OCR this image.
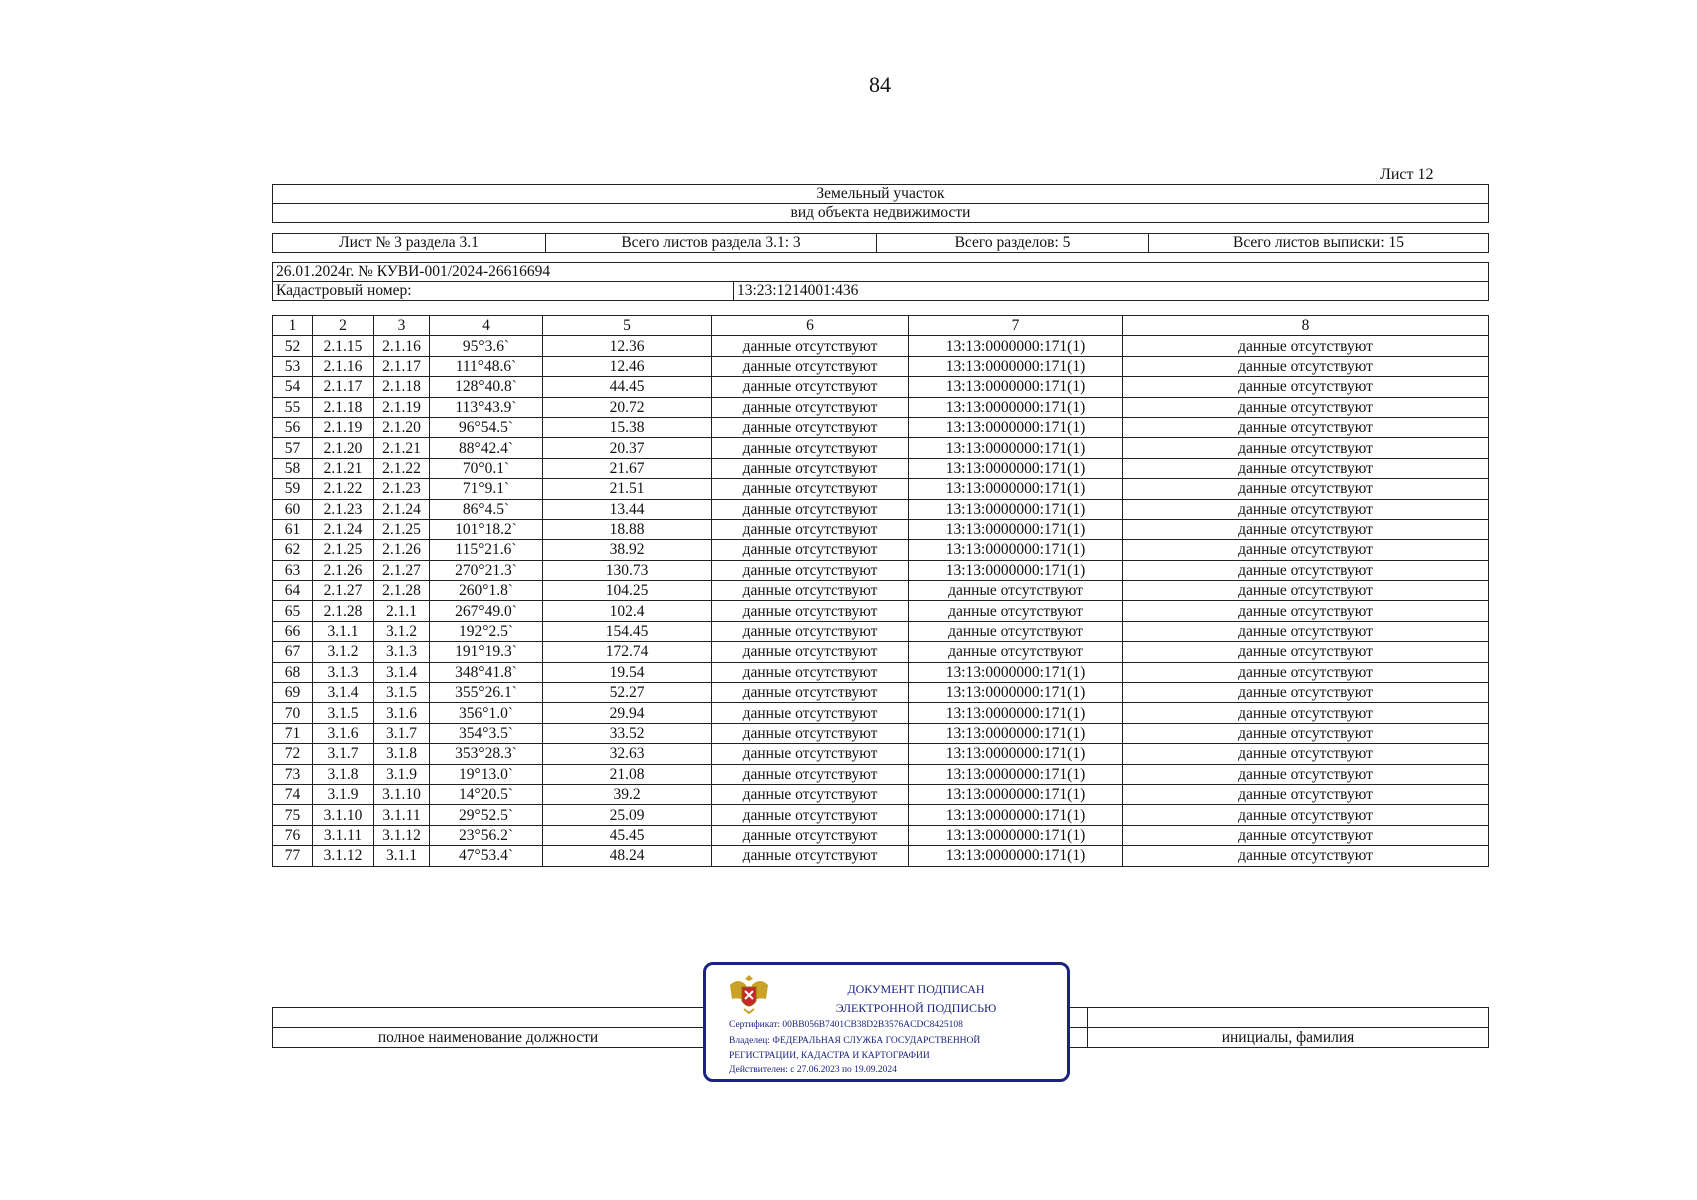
84
Лист 12
Земельный участок
вид объекта недвижимости
Лист № 3 раздела 3.1	Всего листов раздела 3.1: 3	Всего разделов: 5	Всего листов выписки: 15
26.01.2024г. № КУВИ-001/2024-26616694
Кадастровый номер:	13:23:1214001:436
1	2	3	4	5	6	7	8
52	2.1.15	2.1.16	95°3.6`	12.36	данные отсутствуют	13:13:0000000:171(1)	данные отсутствуют
53	2.1.16	2.1.17	111°48.6`	12.46	данные отсутствуют	13:13:0000000:171(1)	данные отсутствуют
54	2.1.17	2.1.18	128°40.8`	44.45	данные отсутствуют	13:13:0000000:171(1)	данные отсутствуют
55	2.1.18	2.1.19	113°43.9`	20.72	данные отсутствуют	13:13:0000000:171(1)	данные отсутствуют
56	2.1.19	2.1.20	96°54.5`	15.38	данные отсутствуют	13:13:0000000:171(1)	данные отсутствуют
57	2.1.20	2.1.21	88°42.4`	20.37	данные отсутствуют	13:13:0000000:171(1)	данные отсутствуют
58	2.1.21	2.1.22	70°0.1`	21.67	данные отсутствуют	13:13:0000000:171(1)	данные отсутствуют
59	2.1.22	2.1.23	71°9.1`	21.51	данные отсутствуют	13:13:0000000:171(1)	данные отсутствуют
60	2.1.23	2.1.24	86°4.5`	13.44	данные отсутствуют	13:13:0000000:171(1)	данные отсутствуют
61	2.1.24	2.1.25	101°18.2`	18.88	данные отсутствуют	13:13:0000000:171(1)	данные отсутствуют
62	2.1.25	2.1.26	115°21.6`	38.92	данные отсутствуют	13:13:0000000:171(1)	данные отсутствуют
63	2.1.26	2.1.27	270°21.3`	130.73	данные отсутствуют	13:13:0000000:171(1)	данные отсутствуют
64	2.1.27	2.1.28	260°1.8`	104.25	данные отсутствуют	данные отсутствуют	данные отсутствуют
65	2.1.28	2.1.1	267°49.0`	102.4	данные отсутствуют	данные отсутствуют	данные отсутствуют
66	3.1.1	3.1.2	192°2.5`	154.45	данные отсутствуют	данные отсутствуют	данные отсутствуют
67	3.1.2	3.1.3	191°19.3`	172.74	данные отсутствуют	данные отсутствуют	данные отсутствуют
68	3.1.3	3.1.4	348°41.8`	19.54	данные отсутствуют	13:13:0000000:171(1)	данные отсутствуют
69	3.1.4	3.1.5	355°26.1`	52.27	данные отсутствуют	13:13:0000000:171(1)	данные отсутствуют
70	3.1.5	3.1.6	356°1.0`	29.94	данные отсутствуют	13:13:0000000:171(1)	данные отсутствуют
71	3.1.6	3.1.7	354°3.5`	33.52	данные отсутствуют	13:13:0000000:171(1)	данные отсутствуют
72	3.1.7	3.1.8	353°28.3`	32.63	данные отсутствуют	13:13:0000000:171(1)	данные отсутствуют
73	3.1.8	3.1.9	19°13.0`	21.08	данные отсутствуют	13:13:0000000:171(1)	данные отсутствуют
74	3.1.9	3.1.10	14°20.5`	39.2	данные отсутствуют	13:13:0000000:171(1)	данные отсутствуют
75	3.1.10	3.1.11	29°52.5`	25.09	данные отсутствуют	13:13:0000000:171(1)	данные отсутствуют
76	3.1.11	3.1.12	23°56.2`	45.45	данные отсутствуют	13:13:0000000:171(1)	данные отсутствуют
77	3.1.12	3.1.1	47°53.4`	48.24	данные отсутствуют	13:13:0000000:171(1)	данные отсутствуют

полное наименование должности		инициалы, фамилия
ДОКУМЕНТ ПОДПИСАН
ЭЛЕКТРОННОЙ ПОДПИСЬЮ
Сертификат: 00BB056B7401CB38D2B3576ACDC8425108
Владелец: ФЕДЕРАЛЬНАЯ СЛУЖБА ГОСУДАРСТВЕННОЙ
РЕГИСТРАЦИИ, КАДАСТРА И КАРТОГРАФИИ
Действителен: с 27.06.2023 по 19.09.2024
